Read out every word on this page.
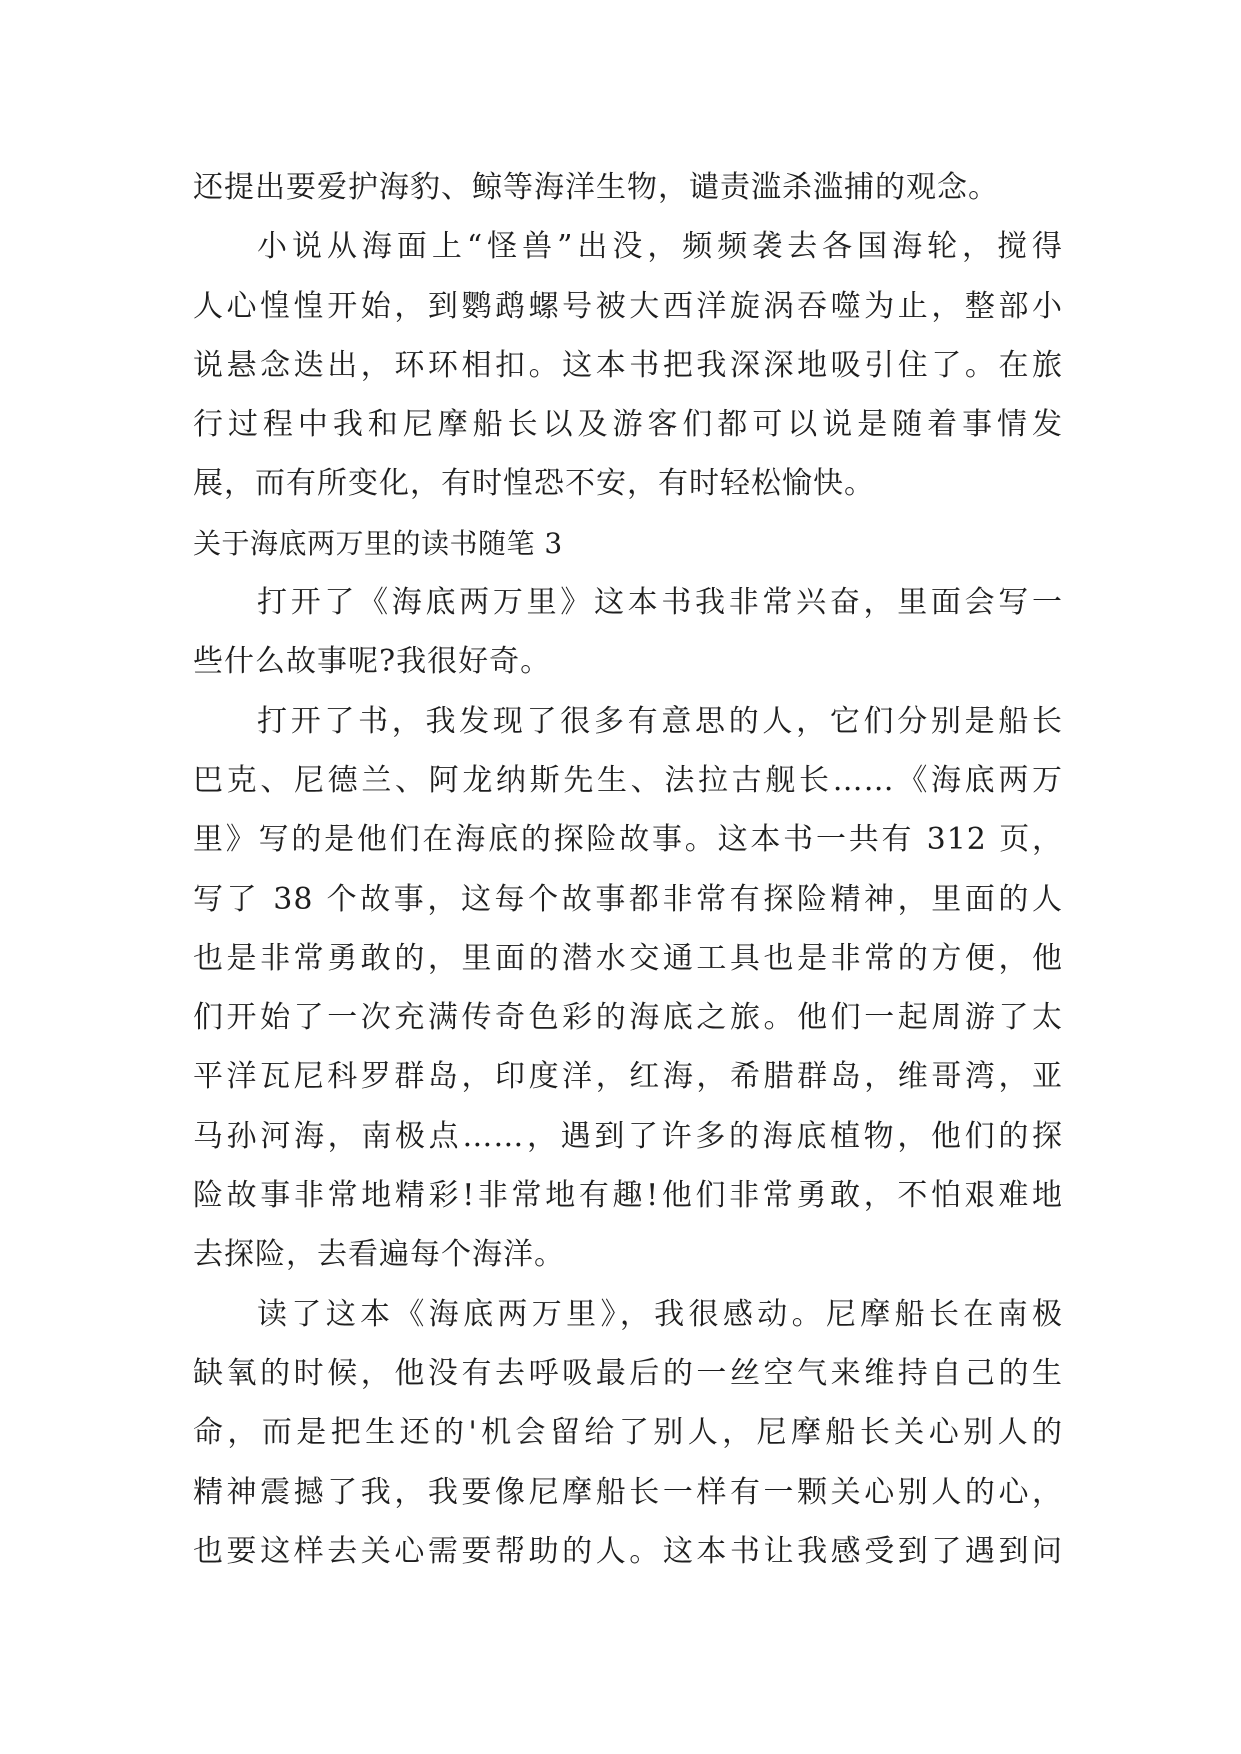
还提出要爱护海豹、鲸等海洋生物，谴责滥杀滥捕的观念。
小说从海面上“怪兽”出没，频频袭去各国海轮，搅得
人心惶惶开始，到鹦鹉螺号被大西洋旋涡吞噬为止，整部小
说悬念迭出，环环相扣。这本书把我深深地吸引住了。在旅
行过程中我和尼摩船长以及游客们都可以说是随着事情发
展，而有所变化，有时惶恐不安，有时轻松愉快。
关于海底两万里的读书随笔 3
打开了《海底两万里》这本书我非常兴奋，里面会写一
些什么故事呢?我很好奇。
打开了书，我发现了很多有意思的人，它们分别是船长
巴克、尼德兰、阿龙纳斯先生、法拉古舰长……《海底两万
里》写的是他们在海底的探险故事。这本书一共有 312 页，
写了 38 个故事，这每个故事都非常有探险精神，里面的人
也是非常勇敢的，里面的潜水交通工具也是非常的方便，他
们开始了一次充满传奇色彩的海底之旅。他们一起周游了太
平洋瓦尼科罗群岛，印度洋，红海，希腊群岛，维哥湾，亚
马孙河海，南极点……，遇到了许多的海底植物，他们的探
险故事非常地精彩!非常地有趣!他们非常勇敢，不怕艰难地
去探险，去看遍每个海洋。
读了这本《海底两万里》，我很感动。尼摩船长在南极
缺氧的时候，他没有去呼吸最后的一丝空气来维持自己的生
命，而是把生还的'机会留给了别人，尼摩船长关心别人的
精神震撼了我，我要像尼摩船长一样有一颗关心别人的心，
也要这样去关心需要帮助的人。这本书让我感受到了遇到问
